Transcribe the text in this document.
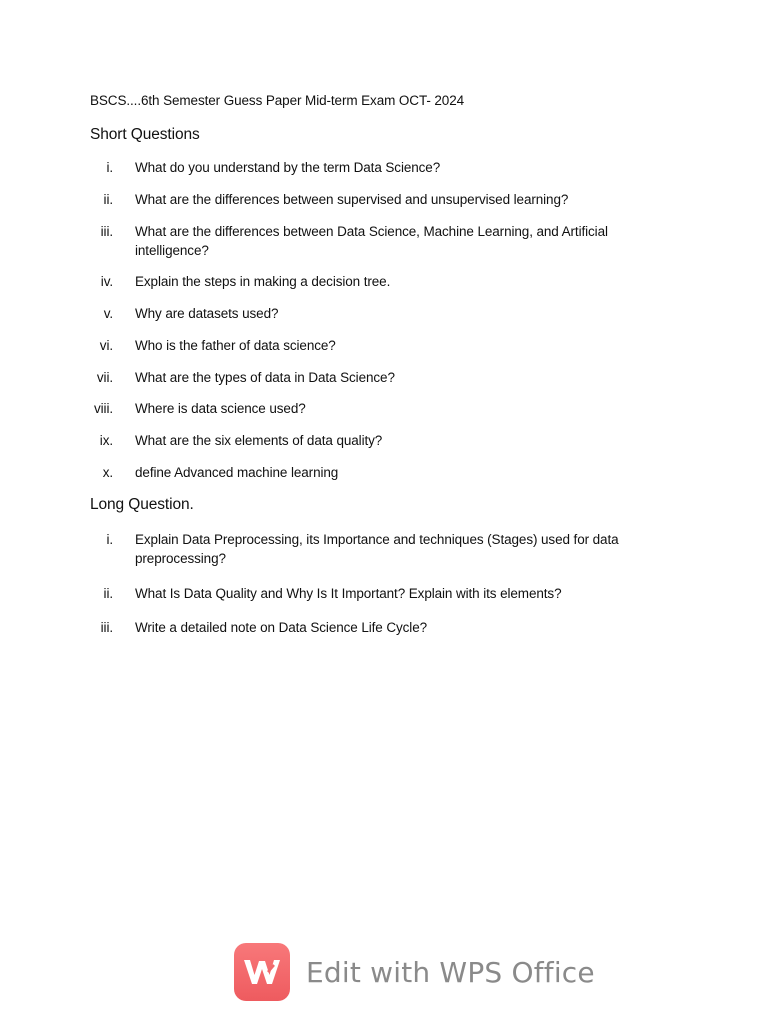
BSCS....6th Semester Guess Paper Mid-term Exam OCT- 2024
Short Questions
i. What do you understand by the term Data Science?
ii. What are the differences between supervised and unsupervised learning?
iii. What are the differences between Data Science, Machine Learning, and Artificial intelligence?
iv. Explain the steps in making a decision tree.
v. Why are datasets used?
vi. Who is the father of data science?
vii. What are the types of data in Data Science?
viii. Where is data science used?
ix. What are the six elements of data quality?
x. define Advanced machine learning
Long Question.
i. Explain Data Preprocessing, its Importance and techniques (Stages) used for data preprocessing?
ii. What Is Data Quality and Why Is It Important? Explain with its elements?
iii. Write a detailed note on Data Science Life Cycle?
Edit with WPS Office
